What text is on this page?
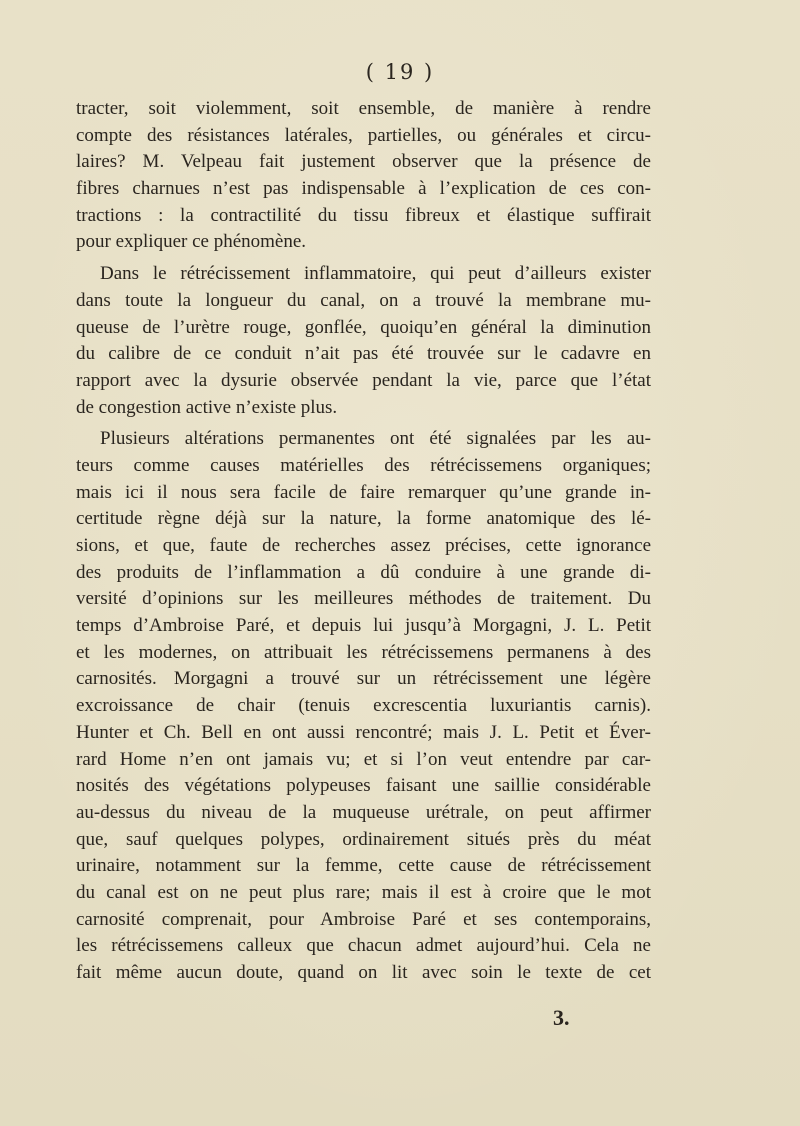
( 19 )
tracter, soit violemment, soit ensemble, de manière à rendre
compte des résistances latérales, partielles, ou générales et circu-
laires? M. Velpeau fait justement observer que la présence de
fibres charnues n’est pas indispensable à l’explication de ces con-
tractions : la contractilité du tissu fibreux et élastique suffirait
pour expliquer ce phénomène.
Dans le rétrécissement inflammatoire, qui peut d’ailleurs exister
dans toute la longueur du canal, on a trouvé la membrane mu-
queuse de l’urètre rouge, gonflée, quoiqu’en général la diminution
du calibre de ce conduit n’ait pas été trouvée sur le cadavre en
rapport avec la dysurie observée pendant la vie, parce que l’état
de congestion active n’existe plus.
Plusieurs altérations permanentes ont été signalées par les au-
teurs comme causes matérielles des rétrécissemens organiques;
mais ici il nous sera facile de faire remarquer qu’une grande in-
certitude règne déjà sur la nature, la forme anatomique des lé-
sions, et que, faute de recherches assez précises, cette ignorance
des produits de l’inflammation a dû conduire à une grande di-
versité d’opinions sur les meilleures méthodes de traitement. Du
temps d’Ambroise Paré, et depuis lui jusqu’à Morgagni, J. L. Petit
et les modernes, on attribuait les rétrécissemens permanens à des
carnosités. Morgagni a trouvé sur un rétrécissement une légère
excroissance de chair (tenuis excrescentia luxuriantis carnis).
Hunter et Ch. Bell en ont aussi rencontré; mais J. L. Petit et Éver-
rard Home n’en ont jamais vu; et si l’on veut entendre par car-
nosités des végétations polypeuses faisant une saillie considérable
au-dessus du niveau de la muqueuse urétrale, on peut affirmer
que, sauf quelques polypes, ordinairement situés près du méat
urinaire, notamment sur la femme, cette cause de rétrécissement
du canal est on ne peut plus rare; mais il est à croire que le mot
carnosité comprenait, pour Ambroise Paré et ses contemporains,
les rétrécissemens calleux que chacun admet aujourd’hui. Cela ne
fait même aucun doute, quand on lit avec soin le texte de cet
3.
